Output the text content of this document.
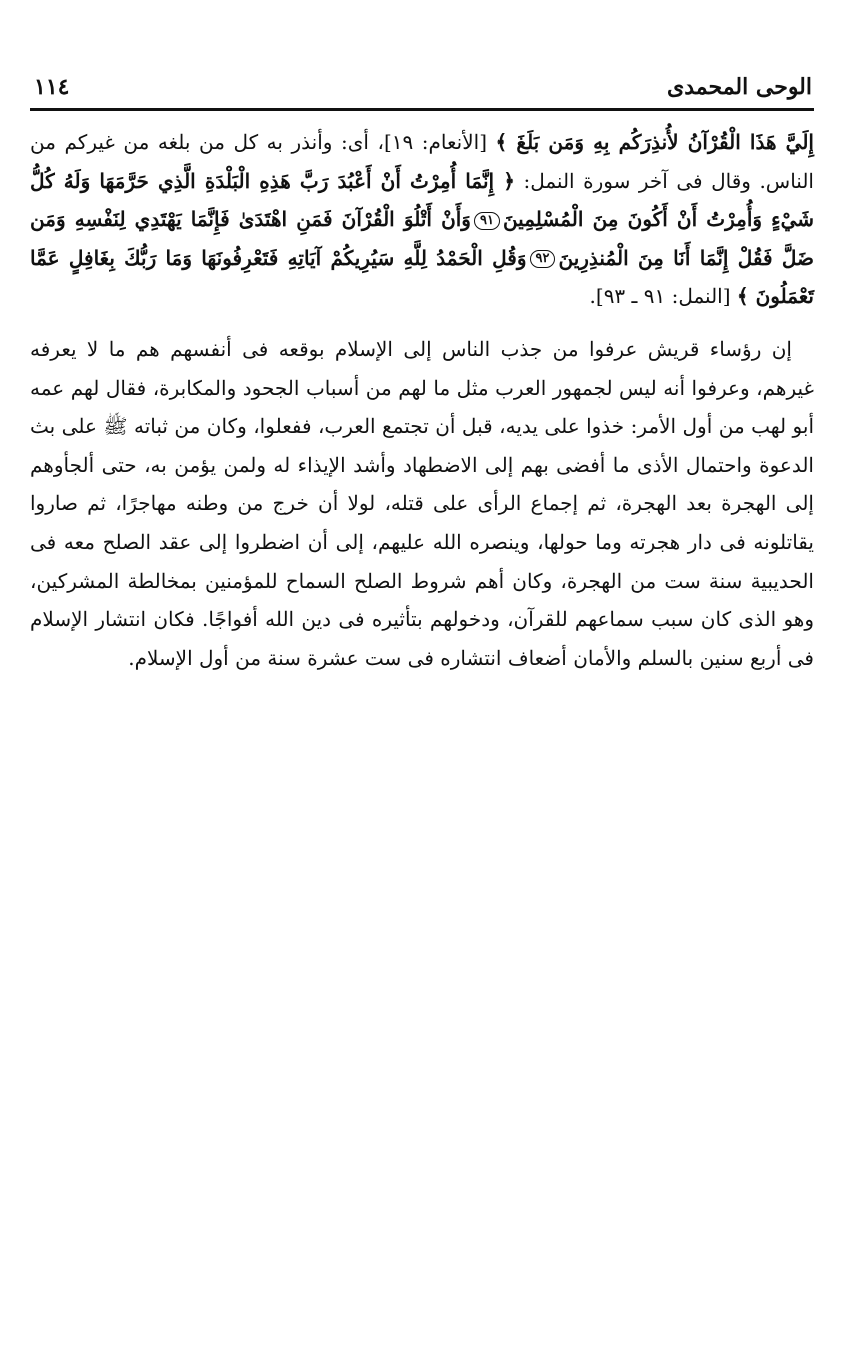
الوحى المحمدى
١١٤

إِلَيَّ هَذَا الْقُرْآنُ لأُنذِرَكُم بِهِ وَمَن بَلَغَ ﴾ [الأنعام: ١٩]، أى: وأنذر به كل من بلغه من غيركم من الناس. وقال فى آخر سورة النمل: ﴿ إِنَّمَا أُمِرْتُ أَنْ أَعْبُدَ رَبَّ هَذِهِ الْبَلْدَةِ الَّذِي حَرَّمَهَا وَلَهُ كُلُّ شَيْءٍ وَأُمِرْتُ أَنْ أَكُونَ مِنَ الْمُسْلِمِينَ٩١وَأَنْ أَتْلُوَ الْقُرْآنَ فَمَنِ اهْتَدَىٰ فَإِنَّمَا يَهْتَدِي لِنَفْسِهِ وَمَن ضَلَّ فَقُلْ إِنَّمَا أَنَا مِنَ الْمُنذِرِينَ٩٢وَقُلِ الْحَمْدُ لِلَّهِ سَيُرِيكُمْ آيَاتِهِ فَتَعْرِفُونَهَا وَمَا رَبُّكَ بِغَافِلٍ عَمَّا تَعْمَلُونَ ﴾ [النمل: ٩١ ـ ٩٣].

إن رؤساء قريش عرفوا من جذب الناس إلى الإسلام بوقعه فى أنفسهم هم ما لا يعرفه غيرهم، وعرفوا أنه ليس لجمهور العرب مثل ما لهم من أسباب الجحود والمكابرة، فقال لهم عمه أبو لهب من أول الأمر: خذوا على يديه، قبل أن تجتمع العرب، ففعلوا، وكان من ثباته ﷺ على بث الدعوة واحتمال الأذى ما أفضى بهم إلى الاضطهاد وأشد الإيذاء له ولمن يؤمن به، حتى ألجأوهم إلى الهجرة بعد الهجرة، ثم إجماع الرأى على قتله، لولا أن خرج من وطنه مهاجرًا، ثم صاروا يقاتلونه فى دار هجرته وما حولها، وينصره الله عليهم، إلى أن اضطروا إلى عقد الصلح معه فى الحديبية سنة ست من الهجرة، وكان أهم شروط الصلح السماح للمؤمنين بمخالطة المشركين، وهو الذى كان سبب سماعهم للقرآن، ودخولهم بتأثيره فى دين الله أفواجًا. فكان انتشار الإسلام فى أربع سنين بالسلم والأمان أضعاف انتشاره فى ست عشرة سنة من أول الإسلام.
